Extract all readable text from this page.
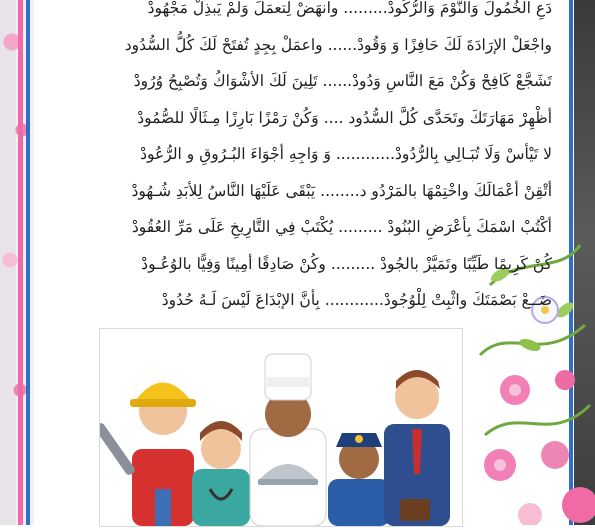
دَعِ الخُمُولَ وَالنَّوْمَ وَالرُّكُودْ......... وانهَضْ لِتعمَلَ وَلمْ يَبذِلْ مَجْهُودْ
واجْعَلْ الإرَادَةَ لَكَ حَافِزًا وَ وَقُودْ...... واعمَلْ بِجِدٍ تُفتَحْ لَكَ كُلُّ السُّدُود
تَشَجَّعْ كَافِحْ وَكُنْ مَعَ النَّاسِ وَدُودْ...... تَلِينَ لَكَ الأشْوَاكُ وَتُصْبِحُ وُرُودْ
أظْهِرْ مَهَارَتَكَ وتَحَدَّى كُلَّ السُّدُود .... وَكُنْ رَمْزًا بَارِزًا مِـثَالًا للصُّمُودْ
لا تَيْأسْ وَلَا تُبَـالِي بِالرُّدُودْ............ وَ وَاجِهِ أجْوَاءَ البُـرُوقِ و الرُّعُودْ
أتْقِنْ أعْمَالَكَ واخْتِمْهَا بالمَرْدُو د........ يَبْقَى عَلَيْهَا النَّاسُ لِلأبَدِ شُـهُودْ
أكْتُبْ اسْمَكَ بِأعْرَضِ البُنُودْ ......... يُكْتَبْ فِي التَّارِيخِ عَلَى مَرِّ العُقُودْ
كُنْ كَرِيمًا طَيِّبًا وتَمَيَّزْ بالجُودْ ......... وكُنْ صَادِقًا أمِينًا وَفِيًّا بالوُعُـودْ
ضَــعْ بَصْمَتَكَ واثْبِتْ لِلْوُجُودْ............ بِأنَّ الإبْدَاعَ لَيْسَ لَـهُ حُدُودْ
